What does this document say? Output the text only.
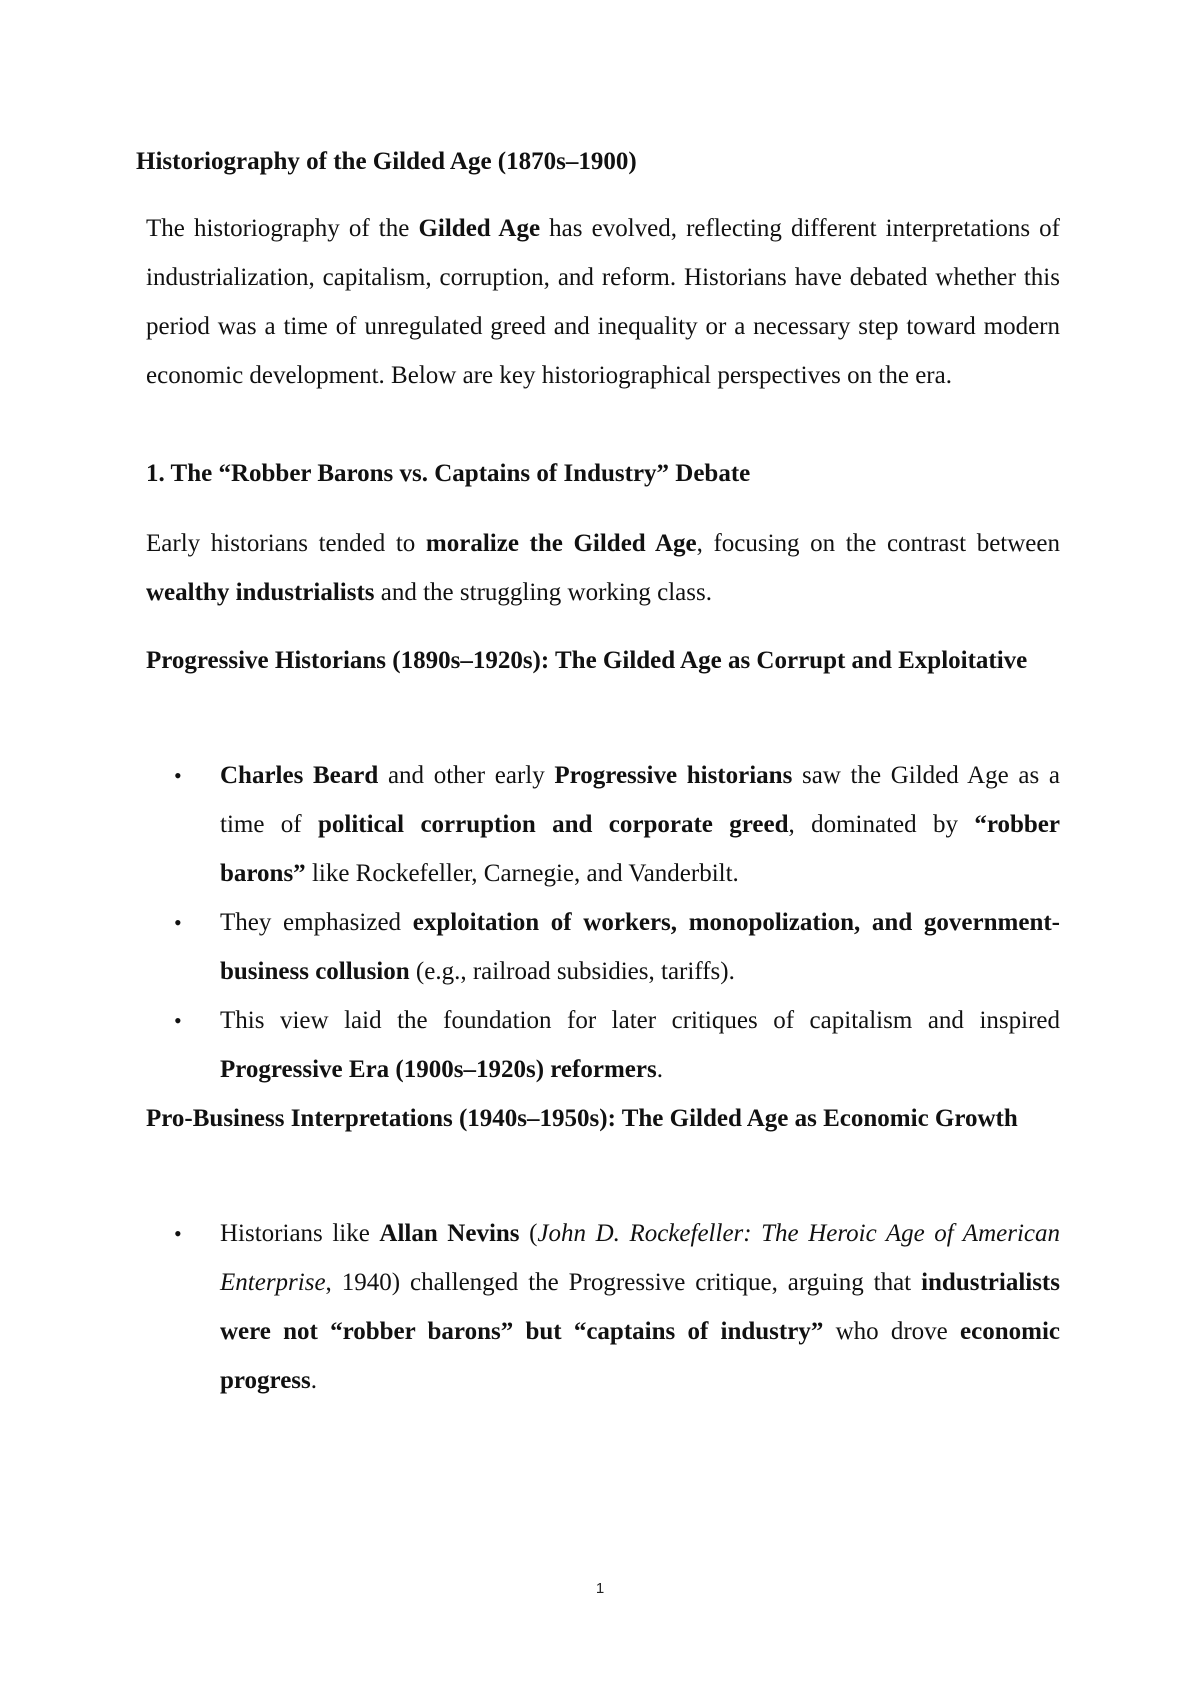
Historiography of the Gilded Age (1870s–1900)

The historiography of the Gilded Age has evolved, reflecting different interpretations of industrialization, capitalism, corruption, and reform. Historians have debated whether this period was a time of unregulated greed and inequality or a necessary step toward modern economic development. Below are key historiographical perspectives on the era.

1. The “Robber Barons vs. Captains of Industry” Debate

Early historians tended to moralize the Gilded Age, focusing on the contrast between wealthy industrialists and the struggling working class.

Progressive Historians (1890s–1920s): The Gilded Age as Corrupt and Exploitative
• Charles Beard and other early Progressive historians saw the Gilded Age as a time of political corruption and corporate greed, dominated by “robber barons” like Rockefeller, Carnegie, and Vanderbilt.
• They emphasized exploitation of workers, monopolization, and government-business collusion (e.g., railroad subsidies, tariffs).
• This view laid the foundation for later critiques of capitalism and inspired Progressive Era (1900s–1920s) reformers.
Pro-Business Interpretations (1940s–1950s): The Gilded Age as Economic Growth
• Historians like Allan Nevins (John D. Rockefeller: The Heroic Age of American Enterprise, 1940) challenged the Progressive critique, arguing that industrialists were not “robber barons” but “captains of industry” who drove economic progress.
1
